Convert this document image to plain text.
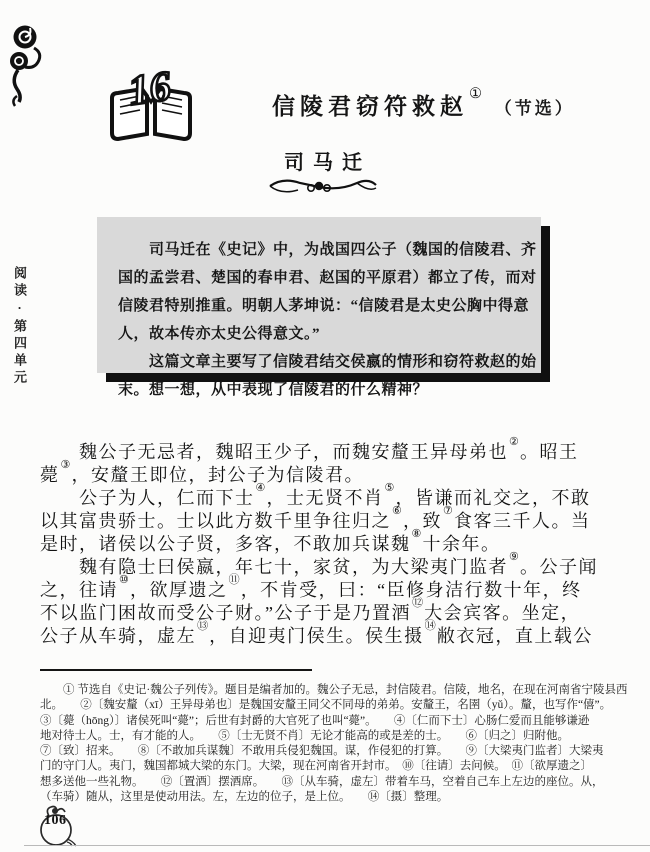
阅读·第四单元
16	信陵君窃符救赵① （节选）
司马迁
　　司马迁在《史记》中，为战国四公子（魏国的信陵君、齐
国的孟尝君、楚国的春申君、赵国的平原君）都立了传，而对
信陵君特别推重。明朝人茅坤说：“信陵君是太史公胸中得意
人，故本传亦太史公得意文。”
　　这篇文章主要写了信陵君结交侯嬴的情形和窃符救赵的始
末。想一想，从中表现了信陵君的什么精神？
　　魏公子无忌者，魏昭王少子，而魏安釐王异母弟也②。昭王
薨③，安釐王即位，封公子为信陵君。
　　公子为人，仁而下士④，士无贤不肖⑤，皆谦而礼交之，不敢
以其富贵骄士。士以此方数千里争往归之⑥，致⑦食客三千人。当
是时，诸侯以公子贤，多客，不敢加兵谋魏⑧十余年。
　　魏有隐士曰侯嬴，年七十，家贫，为大梁夷门监者⑨。公子闻
之，往请⑩，欲厚遗之⑪，不肯受，曰：“臣修身洁行数十年，终
不以监门困故而受公子财。”公子于是乃置酒⑫大会宾客。坐定，
公子从车骑，虚左⑬，自迎夷门侯生。侯生摄⑭敝衣冠，直上载公
　　① 节选自《史记·魏公子列传》。题目是编者加的。魏公子无忌，封信陵君。信陵，地名，在现在河南省宁陵县西
北。　　②〔魏安釐（xī）王异母弟也〕是魏国安釐王同父不同母的弟弟。安釐王，名圉（yǔ）。釐，也写作“僖”。
③〔薨（hōng）〕诸侯死叫“薨”；后世有封爵的大官死了也叫“薨”。　　④〔仁而下士〕心肠仁爱而且能够谦逊
地对待士人。士，有才能的人。　　⑤〔士无贤不肖〕无论才能高的或是差的士。　　⑥〔归之〕归附他。
⑦〔致〕招来。　　⑧〔不敢加兵谋魏〕不敢用兵侵犯魏国。谋，作侵犯的打算。　　⑨〔大梁夷门监者〕大梁夷
门的守门人。夷门，魏国都城大梁的东门。大梁，现在河南省开封市。　⑩〔往请〕去问候。　⑪〔欲厚遗之〕
想多送他一些礼物。　　⑫〔置酒〕摆酒席。　　⑬〔从车骑，虚左〕带着车马，空着自己车上左边的座位。从，
（车骑）随从，这里是使动用法。左，左边的位子，是上位。　　⑭〔摄〕整理。
106
